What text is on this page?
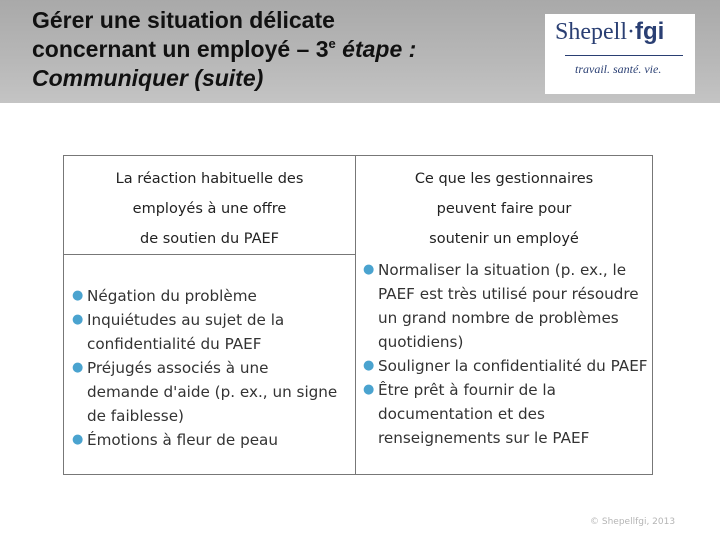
Gérer une situation délicate
concernant un employé – 3e étape :
Communiquer (suite)
Shepell·fgi
travail. santé. vie.
La réaction habituelle des
employés à une offre
de soutien du PAEF
Ce que les gestionnaires
peuvent faire pour
soutenir un employé
● Négation du problème
● Inquiétudes au sujet de la confidentialité du PAEF
● Préjugés associés à une demande d'aide (p. ex., un signe de faiblesse)
● Émotions à fleur de peau
● Normaliser la situation (p. ex., le PAEF est très utilisé pour résoudre un grand nombre de problèmes quotidiens)
● Souligner la confidentialité du PAEF
● Être prêt à fournir de la documentation et des renseignements sur le PAEF
© Shepellfgi, 2013
